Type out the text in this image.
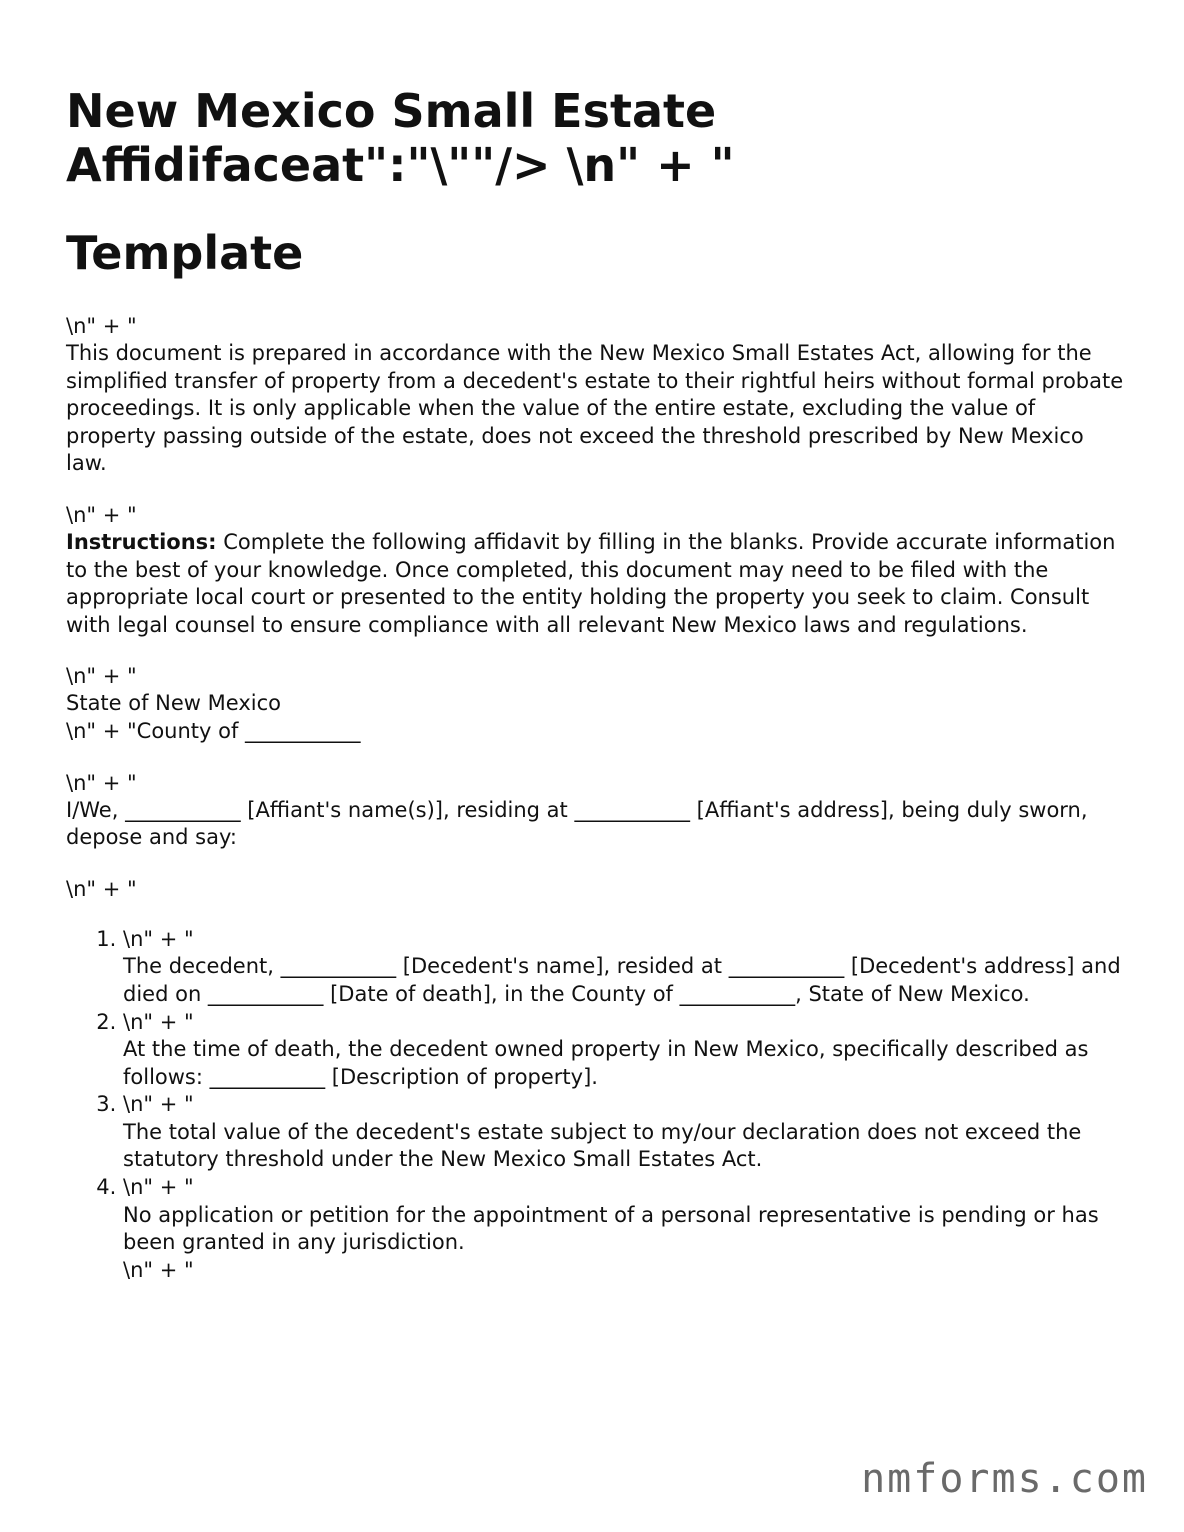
New Mexico Small Estate
Affidifaceat":"\""/> \n" + "
Template

\n" + "

This document is prepared in accordance with the New Mexico Small Estates Act, allowing for the simplified transfer of property from a decedent's estate to their rightful heirs without formal probate proceedings. It is only applicable when the value of the entire estate, excluding the value of property passing outside of the estate, does not exceed the threshold prescribed by New Mexico law.

\n" + "

Instructions: Complete the following affidavit by filling in the blanks. Provide accurate information to the best of your knowledge. Once completed, this document may need to be filed with the appropriate local court or presented to the entity holding the property you seek to claim. Consult with legal counsel to ensure compliance with all relevant New Mexico laws and regulations.

\n" + "

State of New Mexico
\n" + "County of ___________

\n" + "

I/We, ___________ [Affiant's name(s)], residing at ___________ [Affiant's address], being duly sworn, depose and say:

\n" + "

1. \n" + "
The decedent, ___________ [Decedent's name], resided at ___________ [Decedent's address] and died on ___________ [Date of death], in the County of ___________, State of New Mexico.
2. \n" + "
At the time of death, the decedent owned property in New Mexico, specifically described as follows: ___________ [Description of property].
3. \n" + "
The total value of the decedent's estate subject to my/our declaration does not exceed the statutory threshold under the New Mexico Small Estates Act.
4. \n" + "
No application or petition for the appointment of a personal representative is pending or has been granted in any jurisdiction.
\n" + "
nmforms.com
